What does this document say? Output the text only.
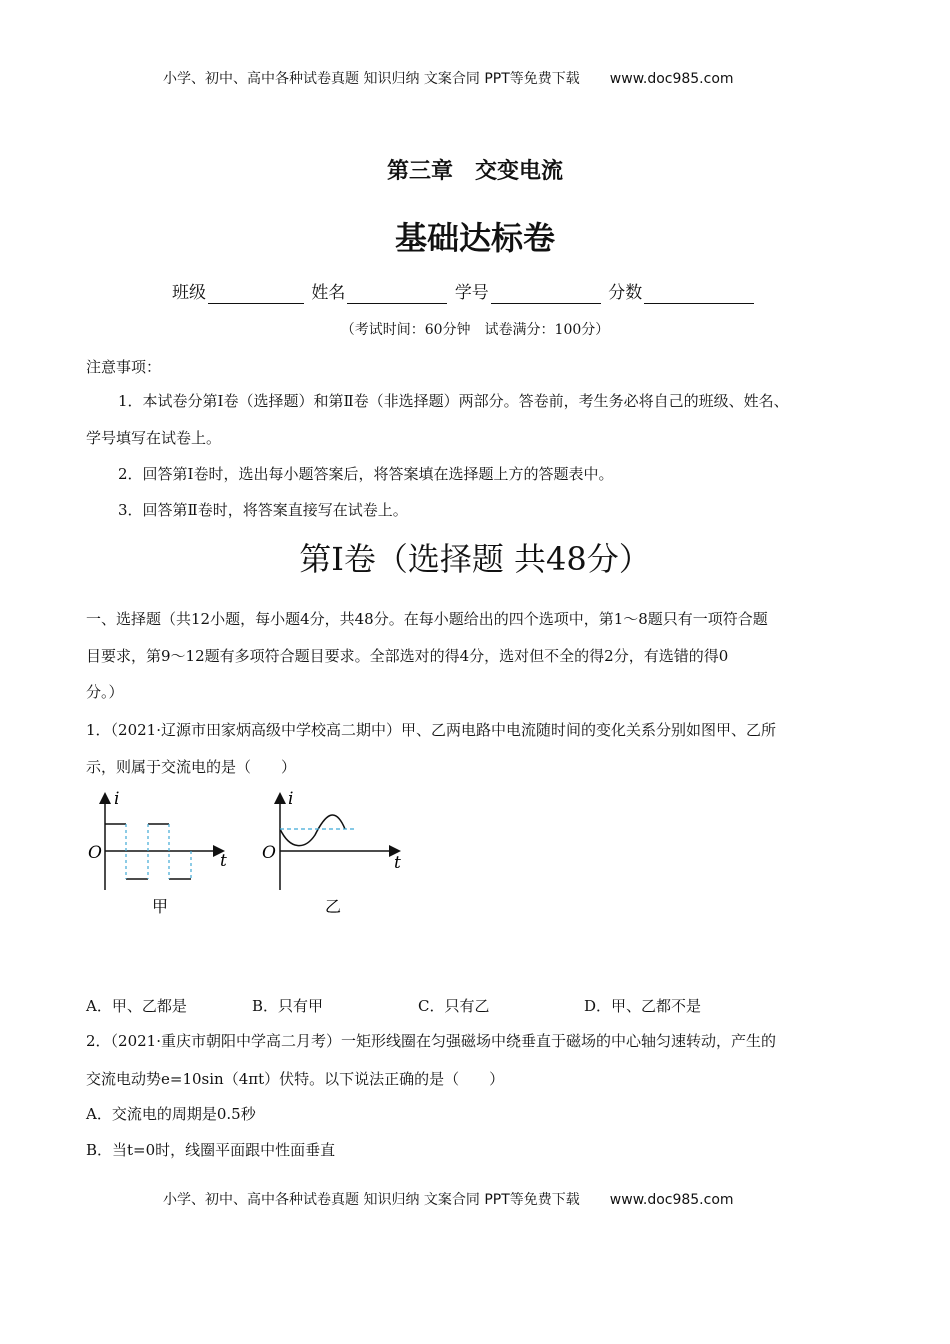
小学、初中、高中各种试卷真题 知识归纳 文案合同 PPT等免费下载 www.doc985.com
第三章　交变电流
基础达标卷
班级	姓名	学号	分数
（考试时间：60分钟　试卷满分：100分）
注意事项：
1．本试卷分第Ⅰ卷（选择题）和第Ⅱ卷（非选择题）两部分。答卷前，考生务必将自己的班级、姓名、
学号填写在试卷上。
2．回答第Ⅰ卷时，选出每小题答案后，将答案填在选择题上方的答题表中。
3．回答第Ⅱ卷时，将答案直接写在试卷上。
第Ⅰ卷（选择题 共48分）
一、选择题（共12小题，每小题4分，共48分。在每小题给出的四个选项中，第1～8题只有一项符合题
目要求，第9～12题有多项符合题目要求。全部选对的得4分，选对但不全的得2分，有选错的得0
分。）
1．（2021·辽源市田家炳高级中学校高二期中）甲、乙两电路中电流随时间的变化关系分别如图甲、乙所
示，则属于交流电的是（　　）
i
O	t
甲
i
O	t
乙
A．甲、乙都是	B．只有甲	C．只有乙	D．甲、乙都不是
2．（2021·重庆市朝阳中学高二月考）一矩形线圈在匀强磁场中绕垂直于磁场的中心轴匀速转动，产生的
交流电动势e=10sin（4πt）伏特。以下说法正确的是（　　）
A．交流电的周期是0.5秒
B．当t=0时，线圈平面跟中性面垂直
小学、初中、高中各种试卷真题 知识归纳 文案合同 PPT等免费下载 www.doc985.com
